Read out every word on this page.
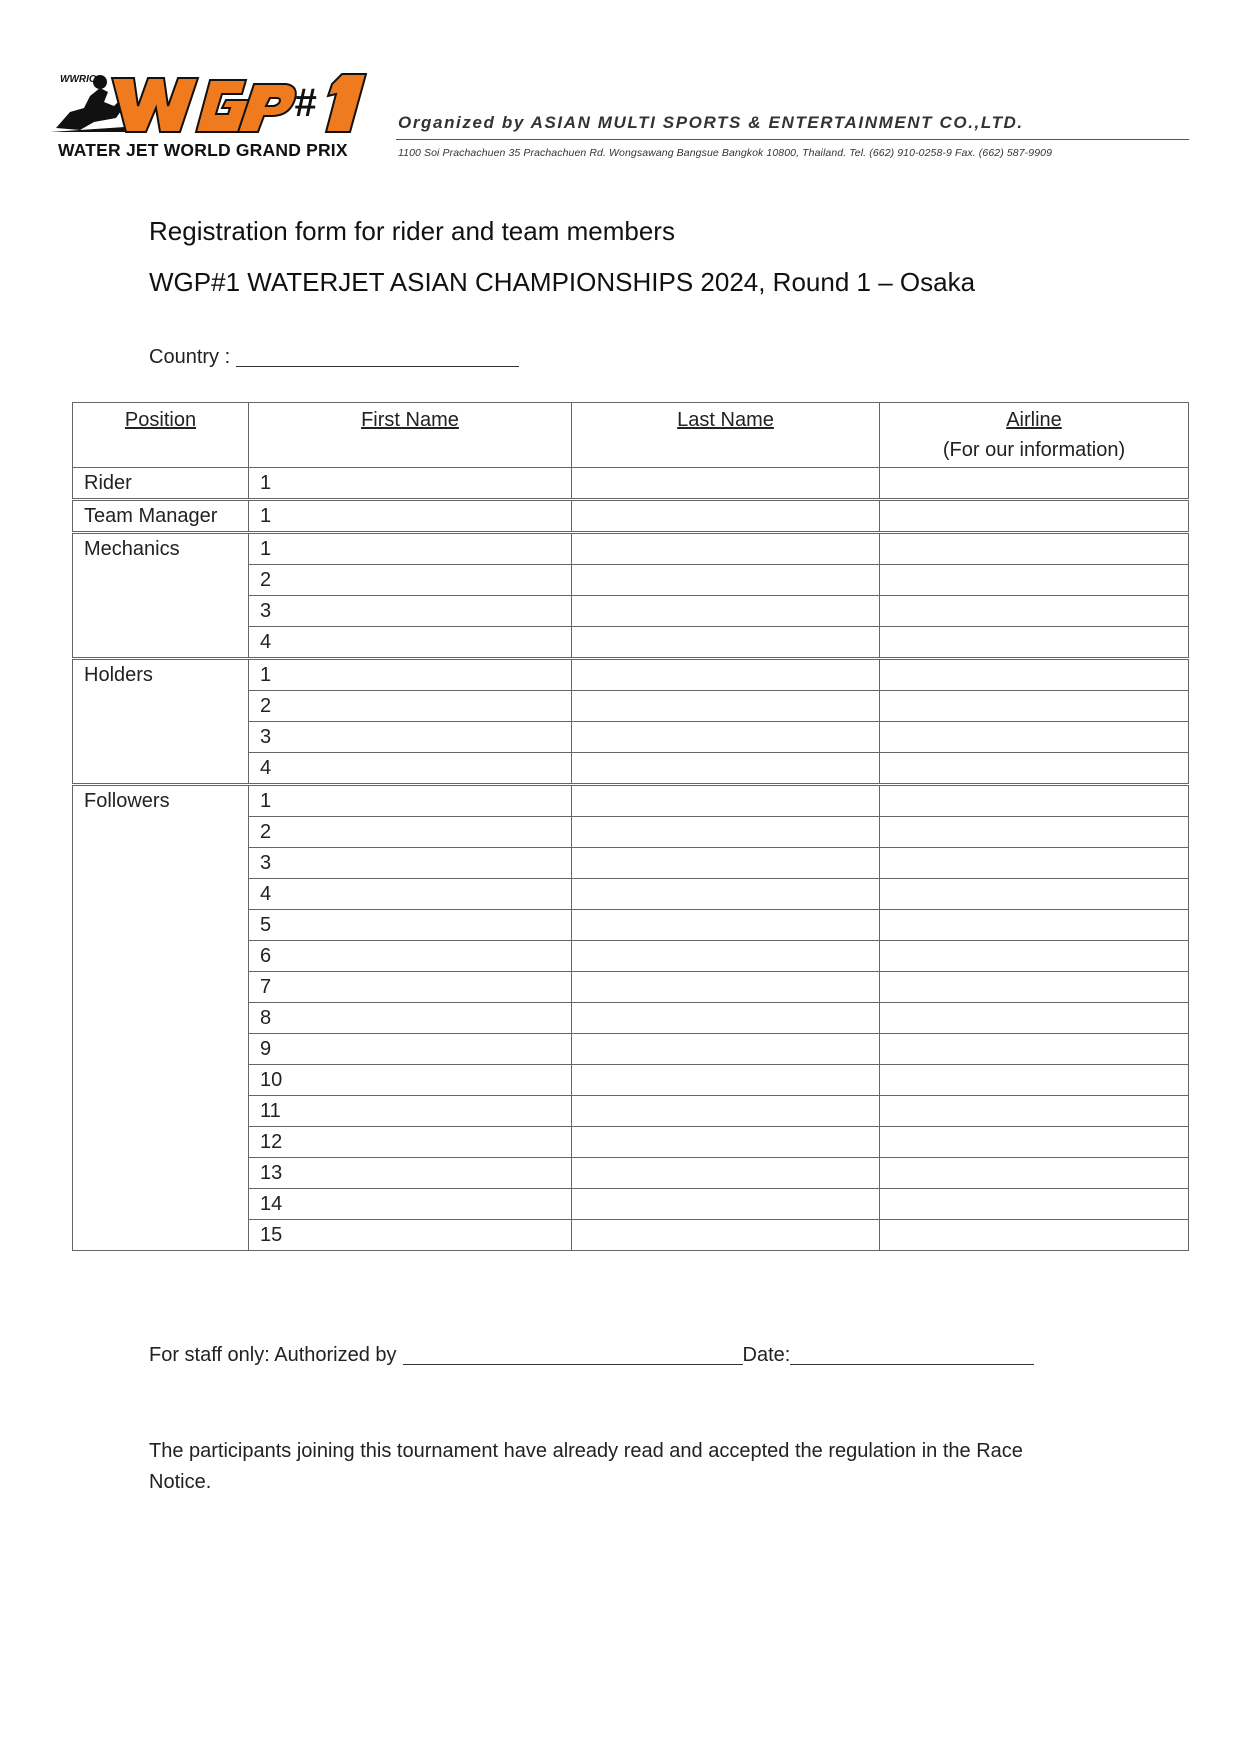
#
WWRIO
WATER JET WORLD GRAND PRIX
Organized by ASIAN MULTI SPORTS & ENTERTAINMENT CO.,LTD.
1100 Soi Prachachuen 35 Prachachuen Rd. Wongsawang Bangsue Bangkok 10800, Thailand. Tel. (662) 910-0258-9 Fax. (662) 587-9909
Registration form for rider and team members
WGP#1 WATERJET ASIAN CHAMPIONSHIPS 2024, Round 1 – Osaka
Country :
Position	First Name	Last Name	Airline
(For our information)

Rider	1		
Team Manager	1		
Mechanics	1		
	2		
	3		
	4		
Holders	1		
	2		
	3		
	4		
Followers	1		
	2		
	3		
	4		
	5		
	6		
	7		
	8		
	9		
	10		
	11		
	12		
	13		
	14		
	15		
For staff only: Authorized by	Date:
The participants joining this tournament have already read and accepted the regulation in the Race Notice.
